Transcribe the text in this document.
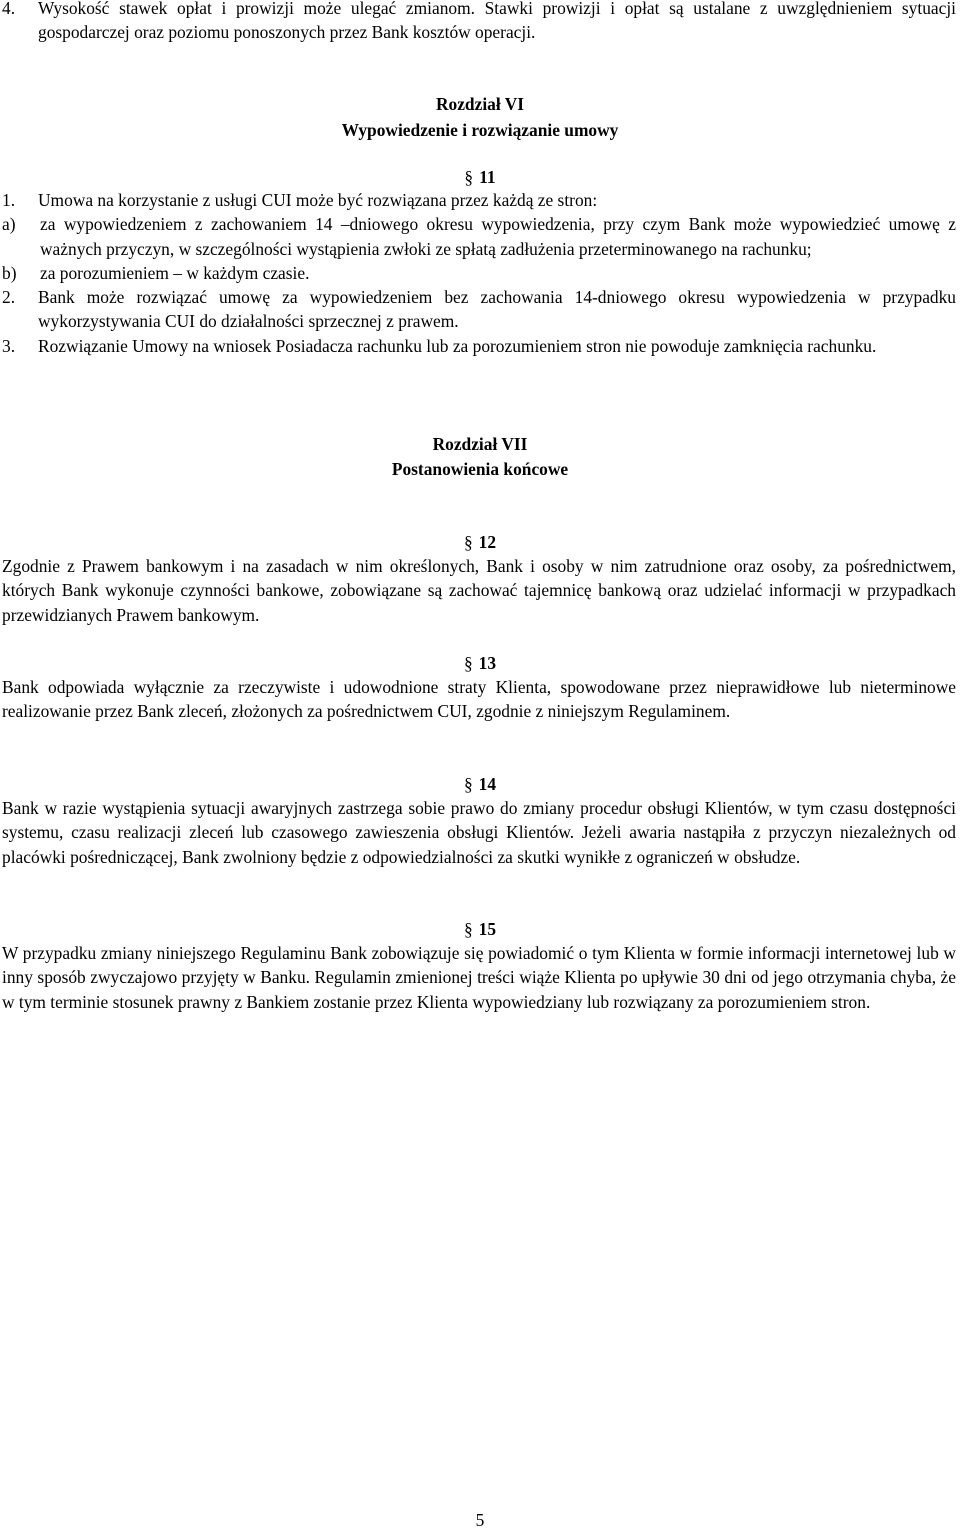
4.	Wysokość stawek opłat i prowizji może ulegać zmianom. Stawki prowizji i opłat są ustalane z uwzględnieniem sytuacji gospodarczej oraz poziomu ponoszonych przez Bank kosztów operacji.
Rozdział VI
Wypowiedzenie i rozwiązanie umowy
§ 11
1.	Umowa na korzystanie z usługi CUI może być rozwiązana przez każdą ze stron:
a)	za wypowiedzeniem z zachowaniem 14 –dniowego okresu wypowiedzenia, przy czym Bank może wypowiedzieć umowę z ważnych przyczyn, w szczególności wystąpienia zwłoki ze spłatą zadłużenia przeterminowanego na rachunku;
b)	za porozumieniem – w każdym czasie.
2.	Bank może rozwiązać umowę za wypowiedzeniem bez zachowania 14-dniowego okresu wypowiedzenia w przypadku wykorzystywania CUI do działalności sprzecznej z prawem.
3.	Rozwiązanie Umowy na wniosek Posiadacza rachunku lub za porozumieniem stron nie powoduje zamknięcia rachunku.
Rozdział VII
Postanowienia końcowe
§ 12
Zgodnie z Prawem bankowym i na zasadach w nim określonych, Bank i osoby w nim zatrudnione oraz osoby, za pośrednictwem, których Bank wykonuje czynności bankowe, zobowiązane są zachować tajemnicę bankową oraz udzielać informacji w przypadkach przewidzianych Prawem bankowym.
§ 13
Bank odpowiada wyłącznie za rzeczywiste i udowodnione straty Klienta, spowodowane przez nieprawidłowe lub nieterminowe realizowanie przez Bank zleceń, złożonych za pośrednictwem CUI, zgodnie z niniejszym Regulaminem.
§ 14
Bank w razie wystąpienia sytuacji awaryjnych zastrzega sobie prawo do zmiany procedur obsługi Klientów, w tym czasu dostępności systemu, czasu realizacji zleceń lub czasowego zawieszenia obsługi Klientów. Jeżeli awaria nastąpiła z przyczyn niezależnych od placówki pośredniczącej, Bank zwolniony będzie z odpowiedzialności za skutki wynikłe z ograniczeń w obsłudze.
§ 15
W przypadku zmiany niniejszego Regulaminu Bank zobowiązuje się powiadomić o tym Klienta w formie informacji internetowej lub w inny sposób zwyczajowo przyjęty w Banku. Regulamin zmienionej treści wiąże Klienta po upływie 30 dni od jego otrzymania chyba, że w tym terminie stosunek prawny z Bankiem zostanie przez Klienta wypowiedziany lub rozwiązany za porozumieniem stron.
5
